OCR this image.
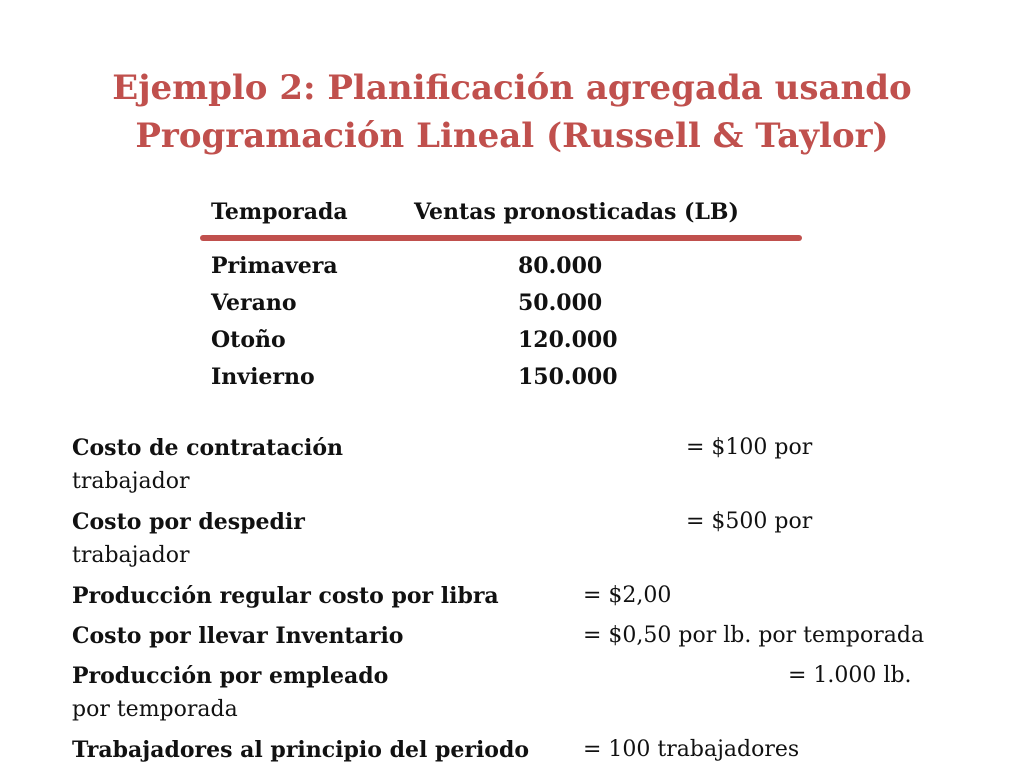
Ejemplo 2: Planificación agregada usando Programación Lineal (Russell & Taylor)
Temporada	Ventas pronosticadas (LB)
Primavera	80.000
Verano	50.000
Otoño	120.000
Invierno	150.000
Costo de contratación	= $100 por
trabajador
Costo por despedir	= $500 por
trabajador
Producción regular costo por libra	= $2,00
Costo por llevar Inventario	= $0,50 por lb. por temporada
Producción por empleado	= 1.000 lb.
por temporada
Trabajadores al principio del periodo = 100 trabajadores
